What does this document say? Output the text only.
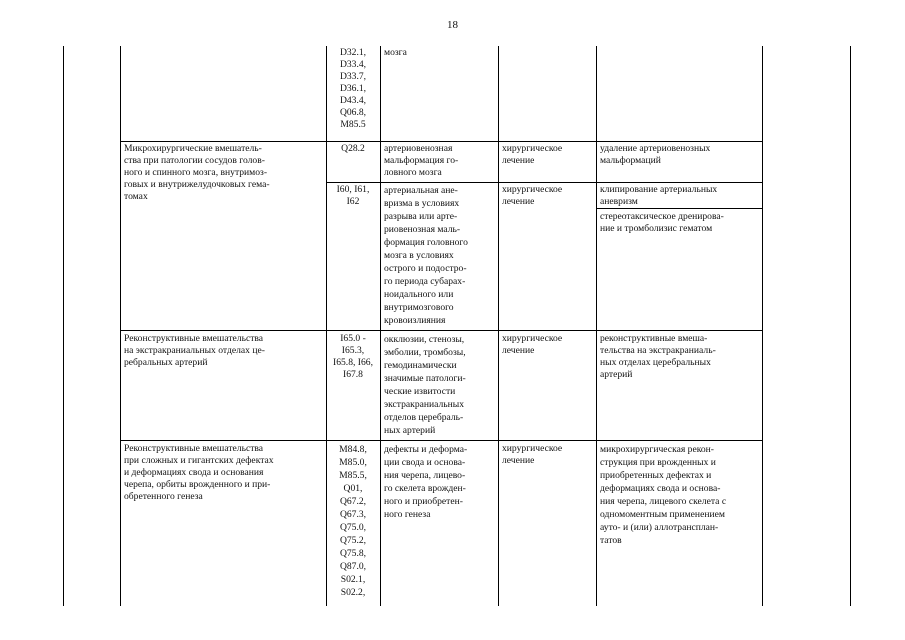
18
D32.1,
D33.4,
D33.7,
D36.1,
D43.4,
Q06.8,
M85.5
мозга
Микрохирургические вмешатель-
ства при патологии сосудов голов-
ного и спинного мозга, внутримоз-
говых и внутрижелудочковых гема-
томах
Q28.2	артериовенозная
мальформация го-
ловного мозга
хирургическое
лечение
удаление артериовенозных
мальформаций
I60, I61,
I62
артериальная ане-
вризма в условиях
разрыва или арте-
риовенозная маль-
формация головного
мозга в условиях
острого и подостро-
го периода субарах-
ноидального или
внутримозгового
кровоизлияния
хирургическое
лечение
клипирование артериальных
аневризм
стереотаксическое дренирова-
ние и тромболизис гематом
Реконструктивные вмешательства
на экстракраниальных отделах це-
ребральных артерий
I65.0 -
I65.3,
I65.8, I66,
I67.8
окклюзии, стенозы,
эмболии, тромбозы,
гемодинамически
значимые патологи-
ческие извитости
экстракраниальных
отделов церебраль-
ных артерий
хирургическое
лечение
реконструктивные вмеша-
тельства на экстракраниаль-
ных отделах церебральных
артерий
Реконструктивные вмешательства
при сложных и гигантских дефектах
и деформациях свода и основания
черепа, орбиты врожденного и при-
обретенного генеза
M84.8,
M85.0,
M85.5,
Q01,
Q67.2,
Q67.3,
Q75.0,
Q75.2,
Q75.8,
Q87.0,
S02.1,
S02.2,
дефекты и деформа-
ции свода и основа-
ния черепа, лицево-
го скелета врожден-
ного и приобретен-
ного генеза
хирургическое
лечение
микрохирургическая рекон-
струкция при врожденных и
приобретенных дефектах и
деформациях свода и основа-
ния черепа, лицевого скелета с
одномоментным применением
ауто- и (или) аллотрансплан-
татов
